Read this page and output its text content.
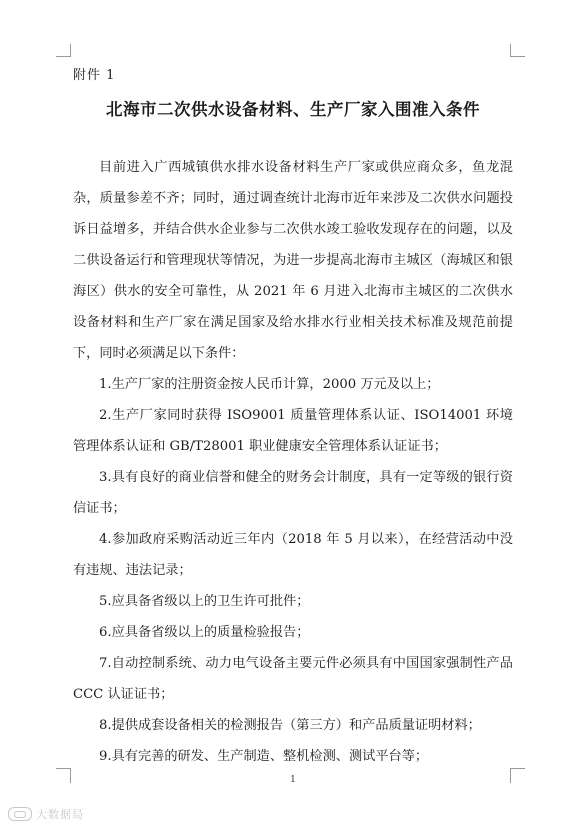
附件 1
北海市二次供水设备材料、生产厂家入围准入条件

目前进入广西城镇供水排水设备材料生产厂家或供应商众多，鱼龙混杂，质量参差不齐；同时，通过调查统计北海市近年来涉及二次供水问题投诉日益增多，并结合供水企业参与二次供水竣工验收发现存在的问题，以及二供设备运行和管理现状等情况，为进一步提高北海市主城区（海城区和银海区）供水的安全可靠性，从 2021 年 6 月进入北海市主城区的二次供水设备材料和生产厂家在满足国家及给水排水行业相关技术标准及规范前提下，同时必须满足以下条件：

1.生产厂家的注册资金按人民币计算，2000 万元及以上；

2.生产厂家同时获得 ISO9001 质量管理体系认证、ISO14001 环境管理体系认证和 GB/T28001 职业健康安全管理体系认证证书；

3.具有良好的商业信誉和健全的财务会计制度，具有一定等级的银行资信证书；

4.参加政府采购活动近三年内（2018 年 5 月以来），在经营活动中没有违规、违法记录；

5.应具备省级以上的卫生许可批件；

6.应具备省级以上的质量检验报告；

7.自动控制系统、动力电气设备主要元件必须具有中国国家强制性产品 CCC 认证证书；

8.提供成套设备相关的检测报告（第三方）和产品质量证明材料；

9.具有完善的研发、生产制造、整机检测、测试平台等；

1
大数据局
